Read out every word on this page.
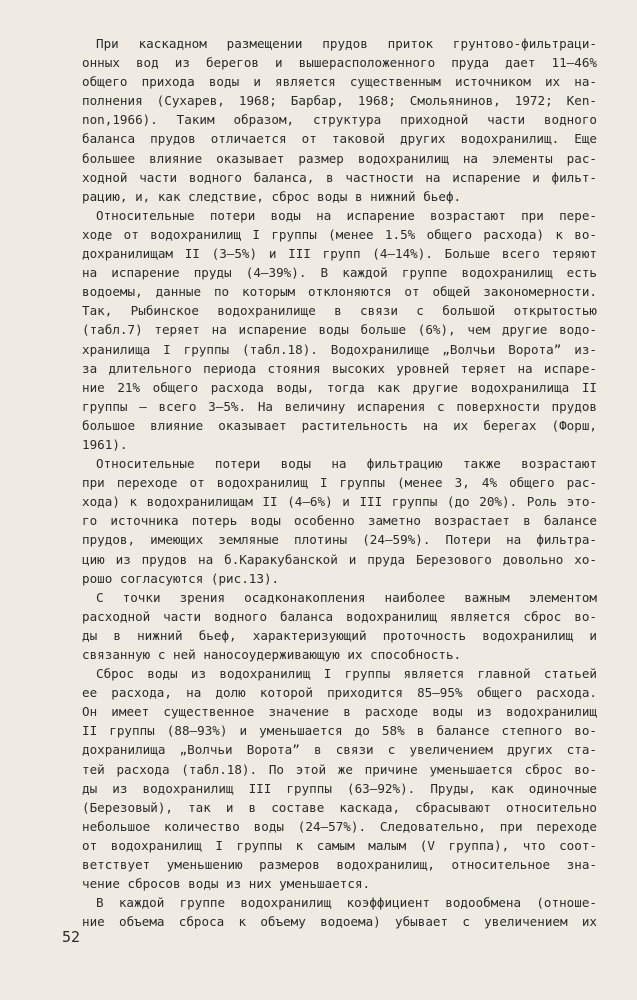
При каскадном размещении прудов приток грунтово-фильтраци-
онных вод из берегов и вышерасположенного пруда дает 11–46%
общего прихода воды и является существенным источником их на-
полнения (Сухарев, 1968; Барбар, 1968; Смольянинов, 1972; Ken-
non,1966). Таким образом, структура приходной части водного
баланса прудов отличается от таковой других водохранилищ. Еще
большее влияние оказывает размер водохранилищ на элементы рас-
ходной части водного баланса, в частности на испарение и фильт-
рацию, и, как следствие, сброс воды в нижний бьеф.
Относительные потери воды на испарение возрастают при пере-
ходе от водохранилищ I группы (менее 1.5% общего расхода) к во-
дохранилищам II (3–5%) и III групп (4–14%). Больше всего теряют
на испарение пруды (4–39%). В каждой группе водохранилищ есть
водоемы, данные по которым отклоняются от общей закономерности.
Так, Рыбинское водохранилище в связи с большой открытостью
(табл.7) теряет на испарение воды больше (6%), чем другие водо-
хранилища I группы (табл.18). Водохранилище „Волчьи Ворота” из-
за длительного периода стояния высоких уровней теряет на испаре-
ние 21% общего расхода воды, тогда как другие водохранилища II
группы – всего 3–5%. На величину испарения с поверхности прудов
большое влияние оказывает растительность на их берегах (Форш,
1961).
Относительные потери воды на фильтрацию также возрастают
при переходе от водохранилищ I группы (менее 3, 4% общего рас-
хода) к водохранилищам II (4–6%) и III группы (до 20%). Роль это-
го источника потерь воды особенно заметно возрастает в балансе
прудов, имеющих земляные плотины (24–59%). Потери на фильтра-
цию из прудов на б.Каракубанской и пруда Березового довольно хо-
рошо согласуются (рис.13).
С точки зрения осадконакопления наиболее важным элементом
расходной части водного баланса водохранилищ является сброс во-
ды в нижний бьеф, характеризующий проточность водохранилищ и
связанную с ней наносоудерживающую их способность.
Сброс воды из водохранилищ I группы является главной статьей
ее расхода, на долю которой приходится 85–95% общего расхода.
Он имеет существенное значение в расходе воды из водохранилищ
II группы (88–93%) и уменьшается до 58% в балансе степного во-
дохранилища „Волчьи Ворота” в связи с увеличением других ста-
тей расхода (табл.18). По этой же причине уменьшается сброс во-
ды из водохранилищ III группы (63–92%). Пруды, как одиночные
(Березовый), так и в составе каскада, сбрасывают относительно
небольшое количество воды (24–57%). Следовательно, при переходе
от водохранилищ I группы к самым малым (V группа), что соот-
ветствует уменьшению размеров водохранилищ, относительное зна-
чение сбросов воды из них уменьшается.
В каждой группе водохранилищ коэффициент водообмена (отноше-
ние объема сброса к объему водоема) убывает с увеличением их
52
